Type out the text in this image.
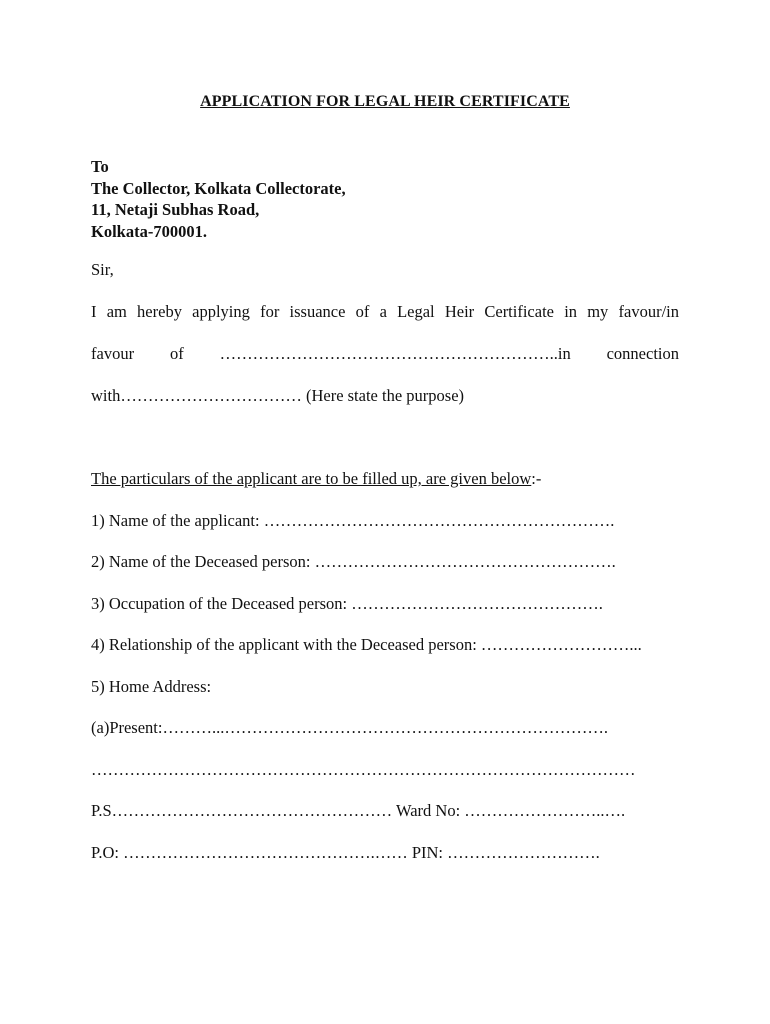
APPLICATION FOR LEGAL HEIR CERTIFICATE
To
The Collector, Kolkata Collectorate,
11, Netaji Subhas Road,
Kolkata-700001.
Sir,
I am hereby applying for issuance of a Legal Heir Certificate in my favour/in
favour of ……………………………………………………..in connection
with…………………………… (Here state the purpose)
The particulars of the applicant are to be filled up, are given below:-
1) Name of the applicant: ……………………………………………………….
2) Name of the Deceased person: ……………………………………………….
3) Occupation of the Deceased person: ……………………………………….
4) Relationship of the applicant with the Deceased person: ………………………...
5) Home Address:
(a)Present:………...…………………………………………………………….
………………………………………………………………………………………
P.S…………………………………………… Ward No: ……………………..….
P.O: ……………………………………….…… PIN: ……………………….
